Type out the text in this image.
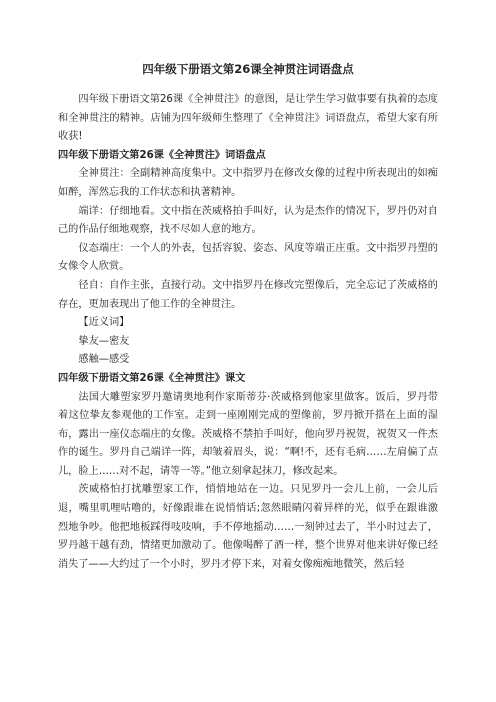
四年级下册语文第26课全神贯注词语盘点

四年级下册语文第26课《全神贯注》的意图，是让学生学习做事要有执着的态度和全神贯注的精神。店铺为四年级师生整理了《全神贯注》词语盘点，希望大家有所收获!

四年级下册语文第26课《全神贯注》词语盘点

全神贯注：全副精神高度集中。文中指罗丹在修改女像的过程中所表现出的如痴如醉，浑然忘我的工作状态和执著精神。

端详：仔细地看。文中指在茨威格拍手叫好，认为是杰作的情况下，罗丹仍对自己的作品仔细地观察，找不尽如人意的地方。

仪态端庄：一个人的外表，包括容貌、姿态、风度等端正庄重。文中指罗丹塑的女像令人欣赏。

径自：自作主张，直接行动。文中指罗丹在修改完塑像后，完全忘记了茨威格的存在，更加表现出了他工作的全神贯注。

【近义词】

挚友—密友

感触—感受

四年级下册语文第26课《全神贯注》课文

法国大雕塑家罗丹邀请奥地利作家斯蒂芬·茨威格到他家里做客。饭后，罗丹带着这位挚友参观他的工作室。走到一座刚刚完成的塑像前，罗丹掀开搭在上面的湿布，露出一座仪态端庄的女像。茨威格不禁拍手叫好，他向罗丹祝贺，祝贺又一件杰作的诞生。罗丹自己端详一阵，却皱着眉头，说：“啊!不，还有毛病……左肩偏了点儿，脸上……对不起，请等一等。”他立刻拿起抹刀，修改起来。

茨威格怕打扰雕塑家工作，悄悄地站在一边。只见罗丹一会儿上前，一会儿后退，嘴里叽哩咕噜的，好像跟谁在说悄悄话;忽然眼睛闪着异样的光，似乎在跟谁激烈地争吵。他把地板踩得吱吱响，手不停地摇动……一刻钟过去了，半小时过去了，罗丹越干越有劲，情绪更加激动了。他像喝醉了酒一样，整个世界对他来讲好像已经消失了——大约过了一个小时，罗丹才停下来，对着女像痴痴地微笑，然后轻
